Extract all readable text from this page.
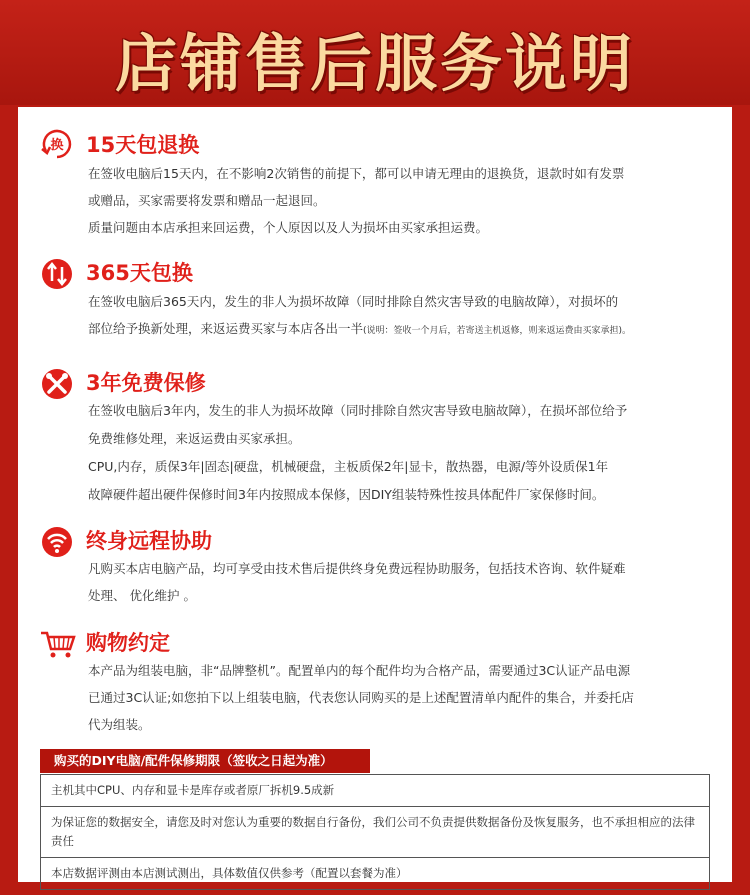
店铺售后服务说明
换 15天包退换
在签收电脑后15天内，在不影响2次销售的前提下，都可以申请无理由的退换货，退款时如有发票
或赠品，买家需要将发票和赠品一起退回。
质量问题由本店承担来回运费，个人原因以及人为损坏由买家承担运费。
365天包换
在签收电脑后365天内，发生的非人为损坏故障（同时排除自然灾害导致的电脑故障），对损坏的
部位给予换新处理，来返运费买家与本店各出一半(说明：签收一个月后，若寄送主机返修，则来返运费由买家承担)。
3年免费保修
在签收电脑后3年内，发生的非人为损坏故障（同时排除自然灾害导致电脑故障），在损坏部位给予
免费维修处理，来返运费由买家承担。
CPU,内存，质保3年|固态|硬盘，机械硬盘，主板质保2年|显卡，散热器，电源/等外设质保1年
故障硬件超出硬件保修时间3年内按照成本保修，因DIY组装特殊性按具体配件厂家保修时间。
终身远程协助
凡购买本店电脑产品，均可享受由技术售后提供终身免费远程协助服务，包括技术咨询、软件疑难
处理、 优化维护 。
购物约定
本产品为组装电脑，非“品牌整机”。配置单内的每个配件均为合格产品，需要通过3C认证产品电源
已通过3C认证;如您拍下以上组装电脑，代表您认同购买的是上述配置清单内配件的集合，并委托店
代为组装。
购买的DIY电脑/配件保修期限（签收之日起为准）
主机其中CPU、内存和显卡是库存或者原厂拆机9.5成新
为保证您的数据安全，请您及时对您认为重要的数据自行备份，我们公司不负责提供数据备份及恢复服务，也不承担相应的法律责任
本店数据评测由本店测试测出，具体数值仅供参考（配置以套餐为准）
